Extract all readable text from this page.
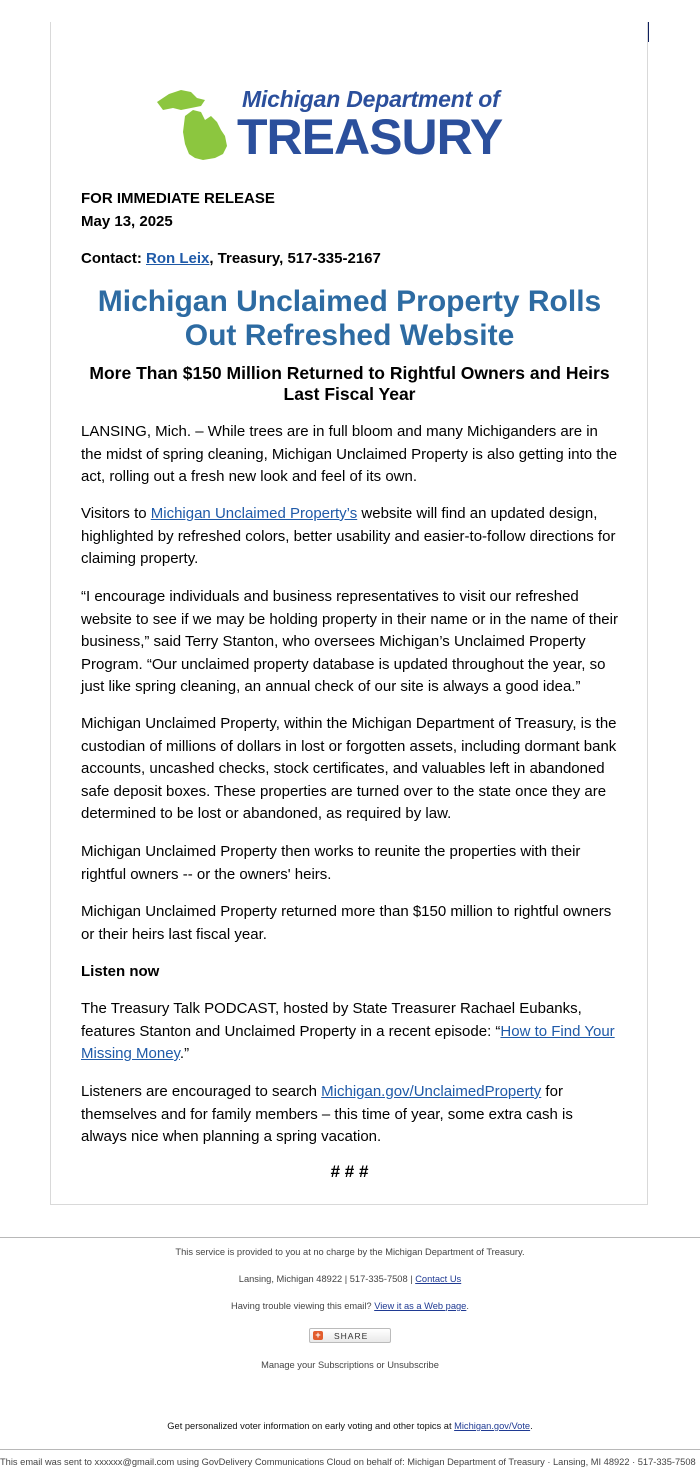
Michigan Department of
TREASURY
FOR IMMEDIATE RELEASE
May 13, 2025
Contact: Ron Leix, Treasury, 517-335-2167
Michigan Unclaimed Property Rolls Out Refreshed Website
More Than $150 Million Returned to Rightful Owners and Heirs Last Fiscal Year
LANSING, Mich. – While trees are in full bloom and many Michiganders are in the midst of spring cleaning, Michigan Unclaimed Property is also getting into the act, rolling out a fresh new look and feel of its own.
Visitors to Michigan Unclaimed Property’s website will find an updated design, highlighted by refreshed colors, better usability and easier-to-follow directions for claiming property.
“I encourage individuals and business representatives to visit our refreshed website to see if we may be holding property in their name or in the name of their business,” said Terry Stanton, who oversees Michigan’s Unclaimed Property Program. “Our unclaimed property database is updated throughout the year, so just like spring cleaning, an annual check of our site is always a good idea.”
Michigan Unclaimed Property, within the Michigan Department of Treasury, is the custodian of millions of dollars in lost or forgotten assets, including dormant bank accounts, uncashed checks, stock certificates, and valuables left in abandoned safe deposit boxes. These properties are turned over to the state once they are determined to be lost or abandoned, as required by law.
Michigan Unclaimed Property then works to reunite the properties with their rightful owners -- or the owners' heirs.
Michigan Unclaimed Property returned more than $150 million to rightful owners or their heirs last fiscal year.
Listen now
The Treasury Talk PODCAST, hosted by State Treasurer Rachael Eubanks, features Stanton and Unclaimed Property in a recent episode: “How to Find Your Missing Money.”
Listeners are encouraged to search Michigan.gov/UnclaimedProperty for themselves and for family members – this time of year, some extra cash is always nice when planning a spring vacation.
# # #
This service is provided to you at no charge by the Michigan Department of Treasury.
Lansing, Michigan 48922 | 517-335-7508 | Contact Us
Having trouble viewing this email? View it as a Web page.
+ SHARE
Manage your Subscriptions or Unsubscribe
Get personalized voter information on early voting and other topics at Michigan.gov/Vote.
This email was sent to xxxxxx@gmail.com using GovDelivery Communications Cloud on behalf of: Michigan Department of Treasury · Lansing, MI 48922 · 517-335-7508
